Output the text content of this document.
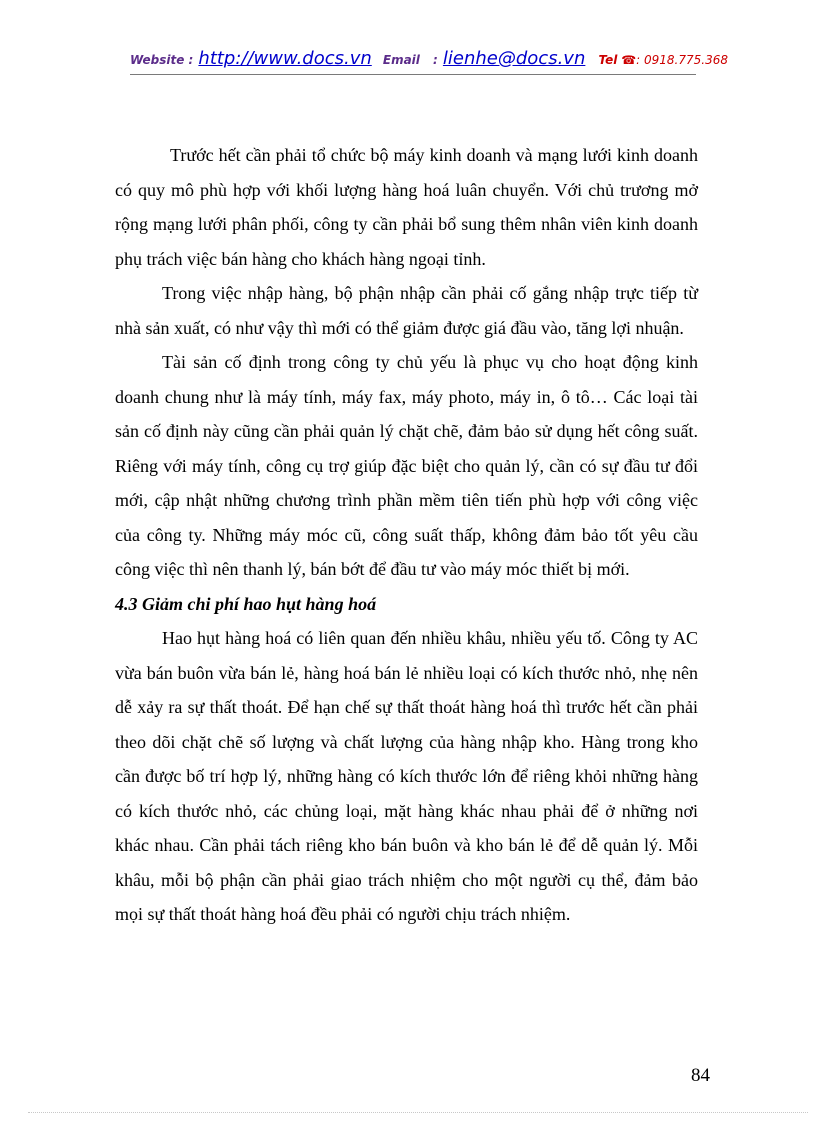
Website : http://www.docs.vn Email : lienhe@docs.vn Tel ☎: 0918.775.368

Trước hết cần phải tổ chức bộ máy kinh doanh và mạng lưới kinh doanh có quy mô phù hợp với khối lượng hàng hoá luân chuyển. Với chủ trương mở rộng mạng lưới phân phối, công ty cần phải bổ sung thêm nhân viên kinh doanh phụ trách việc bán hàng cho khách hàng ngoại tỉnh.

Trong việc nhập hàng, bộ phận nhập cần phải cố gắng nhập trực tiếp từ nhà sản xuất, có như vậy thì mới có thể giảm được giá đầu vào, tăng lợi nhuận.

Tài sản cố định trong công ty chủ yếu là phục vụ cho hoạt động kinh doanh chung như là máy tính, máy fax, máy photo, máy in, ô tô… Các loại tài sản cố định này cũng cần phải quản lý chặt chẽ, đảm bảo sử dụng hết công suất. Riêng với máy tính, công cụ trợ giúp đặc biệt cho quản lý, cần có sự đầu tư đổi mới, cập nhật những chương trình phần mềm tiên tiến phù hợp với công việc của công ty. Những máy móc cũ, công suất thấp, không đảm bảo tốt yêu cầu công việc thì nên thanh lý, bán bớt để đầu tư vào máy móc thiết bị mới.

4.3 Giảm chi phí hao hụt hàng hoá

Hao hụt hàng hoá có liên quan đến nhiều khâu, nhiều yếu tố. Công ty AC vừa bán buôn vừa bán lẻ, hàng hoá bán lẻ nhiều loại có kích thước nhỏ, nhẹ nên dễ xảy ra sự thất thoát. Để hạn chế sự thất thoát hàng hoá thì trước hết cần phải theo dõi chặt chẽ số lượng và chất lượng của hàng nhập kho. Hàng trong kho cần được bố trí hợp lý, những hàng có kích thước lớn để riêng khỏi những hàng có kích thước nhỏ, các chủng loại, mặt hàng khác nhau phải để ở những nơi khác nhau. Cần phải tách riêng kho bán buôn và kho bán lẻ để dễ quản lý. Mỗi khâu, mỗi bộ phận cần phải giao trách nhiệm cho một người cụ thể, đảm bảo mọi sự thất thoát hàng hoá đều phải có người chịu trách nhiệm.

84
